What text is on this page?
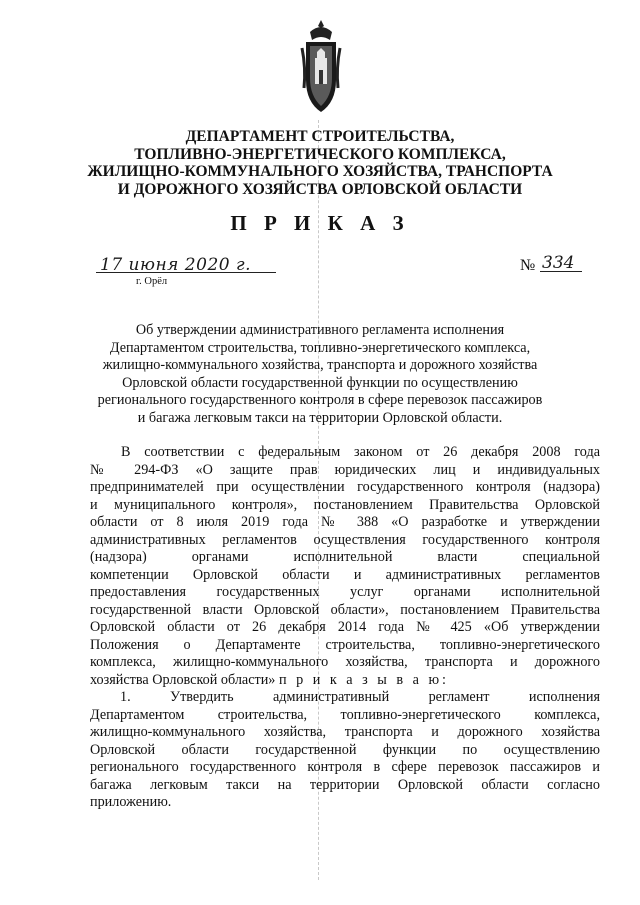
ДЕПАРТАМЕНТ СТРОИТЕЛЬСТВА,
ТОПЛИВНО-ЭНЕРГЕТИЧЕСКОГО КОМПЛЕКСА,
ЖИЛИЩНО-КОММУНАЛЬНОГО ХОЗЯЙСТВА, ТРАНСПОРТА
И ДОРОЖНОГО ХОЗЯЙСТВА ОРЛОВСКОЙ ОБЛАСТИ
П Р И К А З
17 июня 2020 г.
г. Орёл
№ 334
Об утверждении административного регламента исполнения
Департаментом строительства, топливно-энергетического комплекса,
жилищно-коммунального хозяйства, транспорта и дорожного хозяйства
Орловской области государственной функции по осуществлению
регионального государственного контроля в сфере перевозок пассажиров
и багажа легковым такси на территории Орловской области.
В соответствии с федеральным законом от 26 декабря 2008 года
№ 294-ФЗ «О защите прав юридических лиц и индивидуальных
предпринимателей при осуществлении государственного контроля (надзора)
и муниципального контроля», постановлением Правительства Орловской
области от 8 июля 2019 года № 388 «О разработке и утверждении
административных регламентов осуществления государственного контроля
(надзора) органами исполнительной власти специальной
компетенции Орловской области и административных регламентов
предоставления государственных услуг органами исполнительной
государственной власти Орловской области», постановлением Правительства
Орловской области от 26 декабря 2014 года № 425 «Об утверждении
Положения о Департаменте строительства, топливно-энергетического
комплекса, жилищно-коммунального хозяйства, транспорта и дорожного
хозяйства Орловской области» п р и к а з ы в а ю:
1. Утвердить административный регламент исполнения
Департаментом строительства, топливно-энергетического комплекса,
жилищно-коммунального хозяйства, транспорта и дорожного хозяйства
Орловской области государственной функции по осуществлению
регионального государственного контроля в сфере перевозок пассажиров и
багажа легковым такси на территории Орловской области согласно
приложению.
